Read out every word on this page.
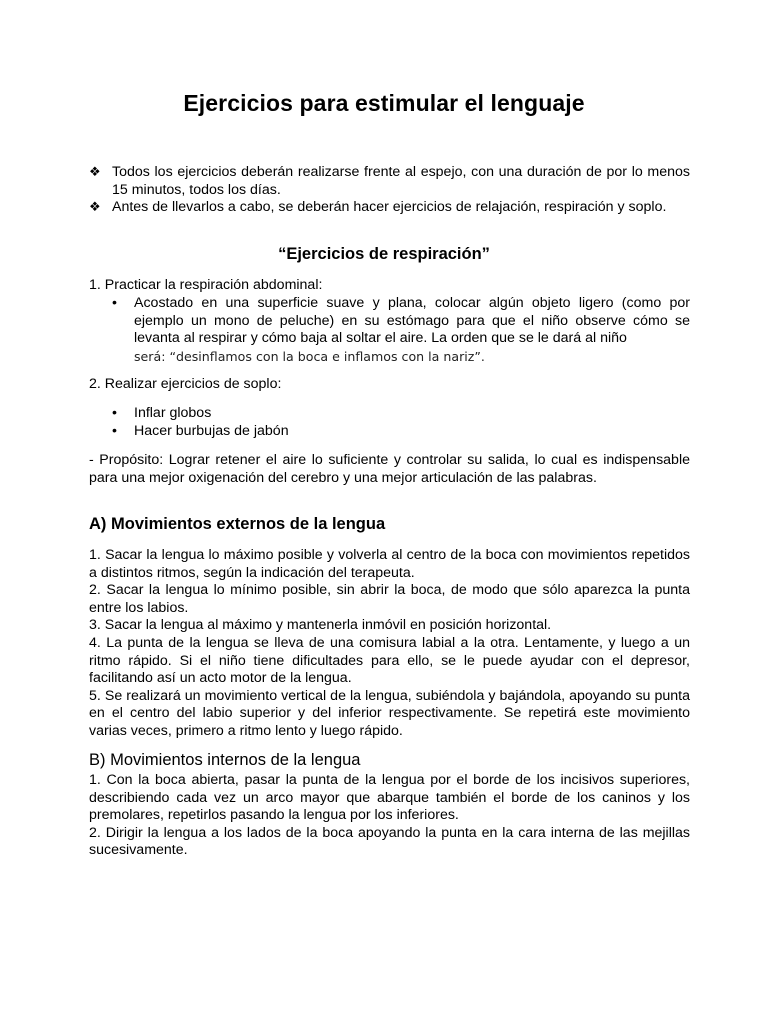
Ejercicios para estimular el lenguaje
❖ Todos los ejercicios deberán realizarse frente al espejo, con una duración de por lo menos 15 minutos, todos los días.
❖ Antes de llevarlos a cabo, se deberán hacer ejercicios de relajación, respiración y soplo.
“Ejercicios de respiración”
1. Practicar la respiración abdominal:
• Acostado en una superficie suave y plana, colocar algún objeto ligero (como por ejemplo un mono de peluche) en su estómago para que el niño observe cómo se levanta al respirar y cómo baja al soltar el aire. La orden que se le dará al niño
será: “desinflamos con la boca e inflamos con la nariz”.
2. Realizar ejercicios de soplo:
• Inflar globos
• Hacer burbujas de jabón
- Propósito: Lograr retener el aire lo suficiente y controlar su salida, lo cual es indispensable para una mejor oxigenación del cerebro y una mejor articulación de las palabras.
A) Movimientos externos de la lengua
1. Sacar la lengua lo máximo posible y volverla al centro de la boca con movimientos repetidos a distintos ritmos, según la indicación del terapeuta.
2. Sacar la lengua lo mínimo posible, sin abrir la boca, de modo que sólo aparezca la punta entre los labios.
3. Sacar la lengua al máximo y mantenerla inmóvil en posición horizontal.
4. La punta de la lengua se lleva de una comisura labial a la otra. Lentamente, y luego a un ritmo rápido. Si el niño tiene dificultades para ello, se le puede ayudar con el depresor, facilitando así un acto motor de la lengua.
5. Se realizará un movimiento vertical de la lengua, subiéndola y bajándola, apoyando su punta en el centro del labio superior y del inferior respectivamente. Se repetirá este movimiento varias veces, primero a ritmo lento y luego rápido.
B) Movimientos internos de la lengua
1. Con la boca abierta, pasar la punta de la lengua por el borde de los incisivos superiores, describiendo cada vez un arco mayor que abarque también el borde de los caninos y los premolares, repetirlos pasando la lengua por los inferiores.
2. Dirigir la lengua a los lados de la boca apoyando la punta en la cara interna de las mejillas sucesivamente.
